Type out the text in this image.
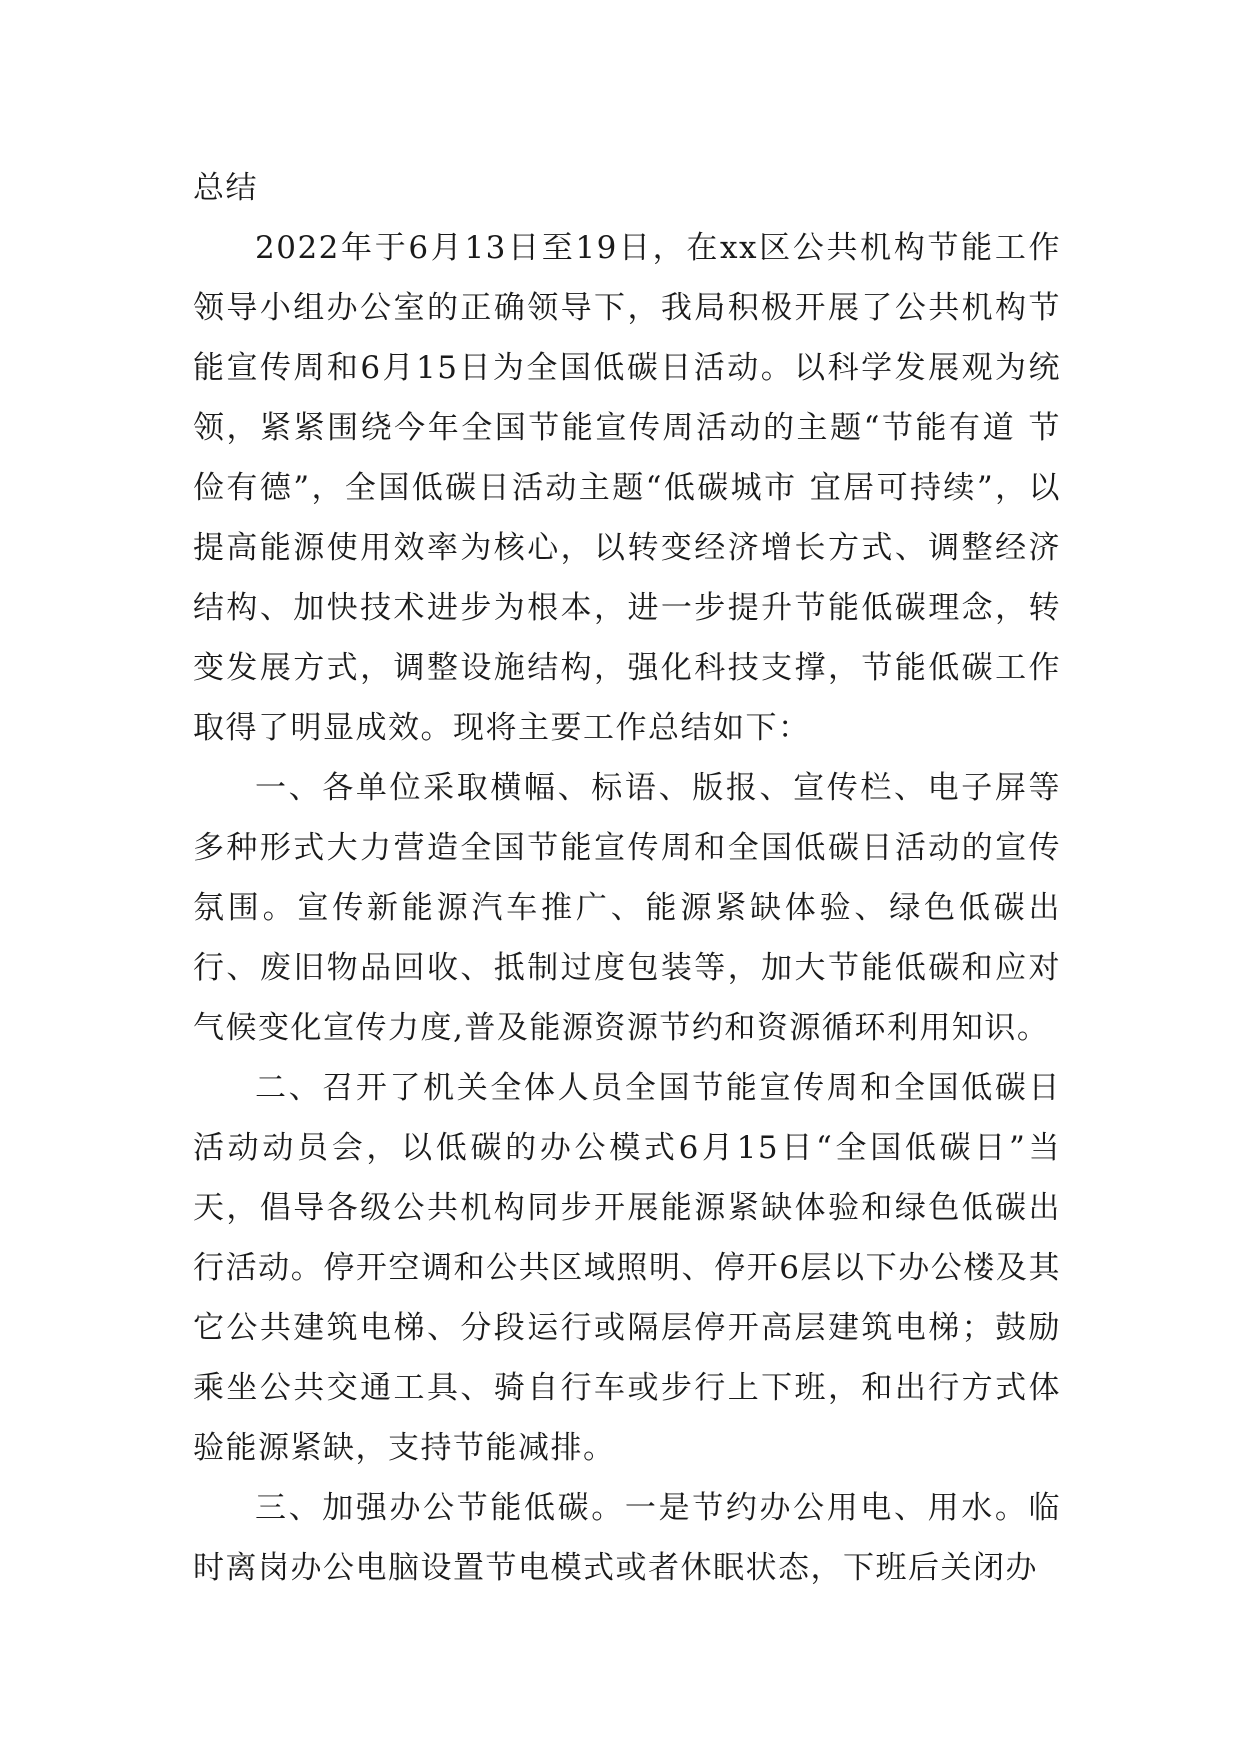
总结

2022年于6月13日至19日，在xx区公共机构节能工作领导小组办公室的正确领导下，我局积极开展了公共机构节能宣传周和6月15日为全国低碳日活动。以科学发展观为统领，紧紧围绕今年全国节能宣传周活动的主题“节能有道 节俭有德”，全国低碳日活动主题“低碳城市 宜居可持续”，以提高能源使用效率为核心，以转变经济增长方式、调整经济结构、加快技术进步为根本，进一步提升节能低碳理念，转变发展方式，调整设施结构，强化科技支撑，节能低碳工作取得了明显成效。现将主要工作总结如下：

一、各单位采取横幅、标语、版报、宣传栏、电子屏等多种形式大力营造全国节能宣传周和全国低碳日活动的宣传氛围。宣传新能源汽车推广、能源紧缺体验、绿色低碳出行、废旧物品回收、抵制过度包装等，加大节能低碳和应对气候变化宣传力度,普及能源资源节约和资源循环利用知识。

二、召开了机关全体人员全国节能宣传周和全国低碳日活动动员会，以低碳的办公模式6月15日“全国低碳日”当天，倡导各级公共机构同步开展能源紧缺体验和绿色低碳出行活动。停开空调和公共区域照明、停开6层以下办公楼及其它公共建筑电梯、分段运行或隔层停开高层建筑电梯；鼓励乘坐公共交通工具、骑自行车或步行上下班，和出行方式体验能源紧缺，支持节能减排。

三、加强办公节能低碳。一是节约办公用电、用水。临时离岗办公电脑设置节电模式或者休眠状态，下班后关闭办
